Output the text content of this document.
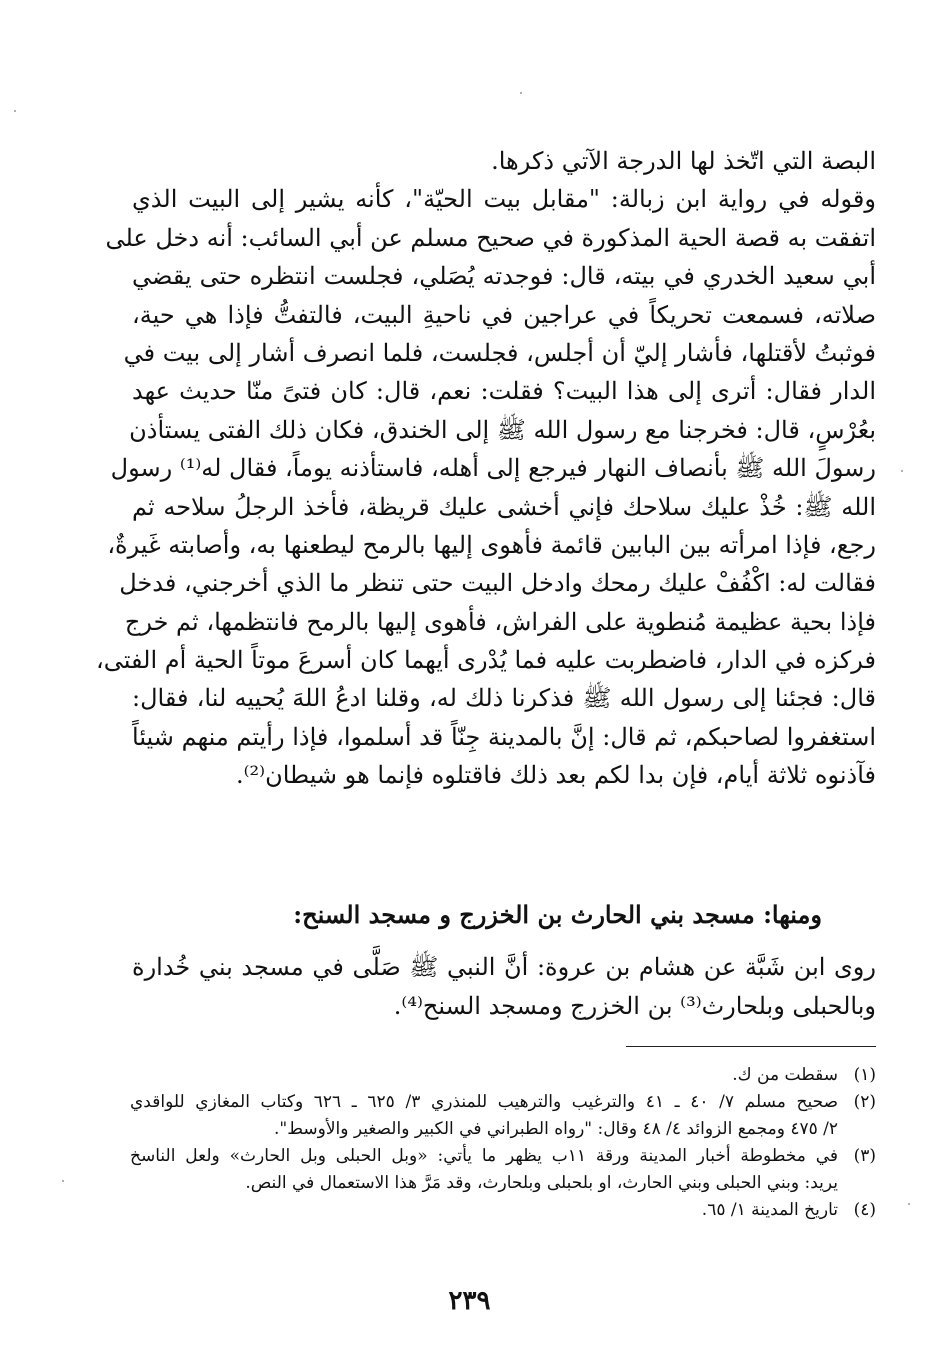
البصة التي اتّخذ لها الدرجة الآتي ذكرها.
وقوله في رواية ابن زبالة: "مقابل بيت الحيّة"، كأنه يشير إلى البيت الذي
اتفقت به قصة الحية المذكورة في صحيح مسلم عن أبي السائب: أنه دخل على
أبي سعيد الخدري في بيته، قال: فوجدته يُصَلي، فجلست انتظره حتى يقضي
صلاته، فسمعت تحريكاً في عراجين في ناحيةِ البيت، فالتفتُّ فإذا هي حية،
فوثبتُ لأقتلها، فأشار إليّ أن أجلس، فجلست، فلما انصرف أشار إلى بيت في
الدار فقال: أترى إلى هذا البيت؟ فقلت: نعم، قال: كان فتىً منّا حديث عهد
بعُرْسٍ، قال: فخرجنا مع رسول الله ﷺ إلى الخندق، فكان ذلك الفتى يستأذن
رسولَ الله ﷺ بأنصاف النهار فيرجع إلى أهله، فاستأذنه يوماً، فقال له⁽¹⁾ رسول
الله ﷺ: خُذْ عليك سلاحك فإني أخشى عليك قريظة، فأخذ الرجلُ سلاحه ثم
رجع، فإذا امرأته بين البابين قائمة فأهوى إليها بالرمح ليطعنها به، وأصابته غَيرةٌ،
فقالت له: اكْفُفْ عليك رمحك وادخل البيت حتى تنظر ما الذي أخرجني، فدخل
فإذا بحية عظيمة مُنطوية على الفراش، فأهوى إليها بالرمح فانتظمها، ثم خرج
فركزه في الدار، فاضطربت عليه فما يُدْرى أيهما كان أسرعَ موتاً الحية أم الفتى،
قال: فجئنا إلى رسول الله ﷺ فذكرنا ذلك له، وقلنا ادعُ اللهَ يُحييه لنا، فقال:
استغفروا لصاحبكم، ثم قال: إنَّ بالمدينة جِنّاً قد أسلموا، فإذا رأيتم منهم شيئاً
فآذنوه ثلاثة أيام، فإن بدا لكم بعد ذلك فاقتلوه فإنما هو شيطان⁽²⁾.
ومنها: مسجد بني الحارث بن الخزرج و مسجد السنح:
روى ابن شَبَّة عن هشام بن عروة: أنَّ النبي ﷺ صَلَّى في مسجد بني خُدارة
وبالحبلى وبلحارث⁽³⁾ بن الخزرج ومسجد السنح⁽⁴⁾.
(١)
سقطت من ك.
(٢)
صحيح مسلم ٧/ ٤٠ ـ ٤١ والترغيب والترهيب للمنذري ٣/ ٦٢٥ ـ ٦٢٦ وكتاب المغازي للواقدي
٢/ ٤٧٥ ومجمع الزوائد ٤/ ٤٨ وقال: "رواه الطبراني في الكبير والصغير والأوسط".
(٣)
في مخطوطة أخبار المدينة ورقة ١١ب يظهر ما يأتي: «وبل الحبلى وبل الحارث» ولعل الناسخ
يريد: وبني الحبلى وبني الحارث، او بلحبلى وبلحارث، وقد مَرَّ هذا الاستعمال في النص.
(٤)
تاريخ المدينة ١/ ٦٥.
٢٣٩
